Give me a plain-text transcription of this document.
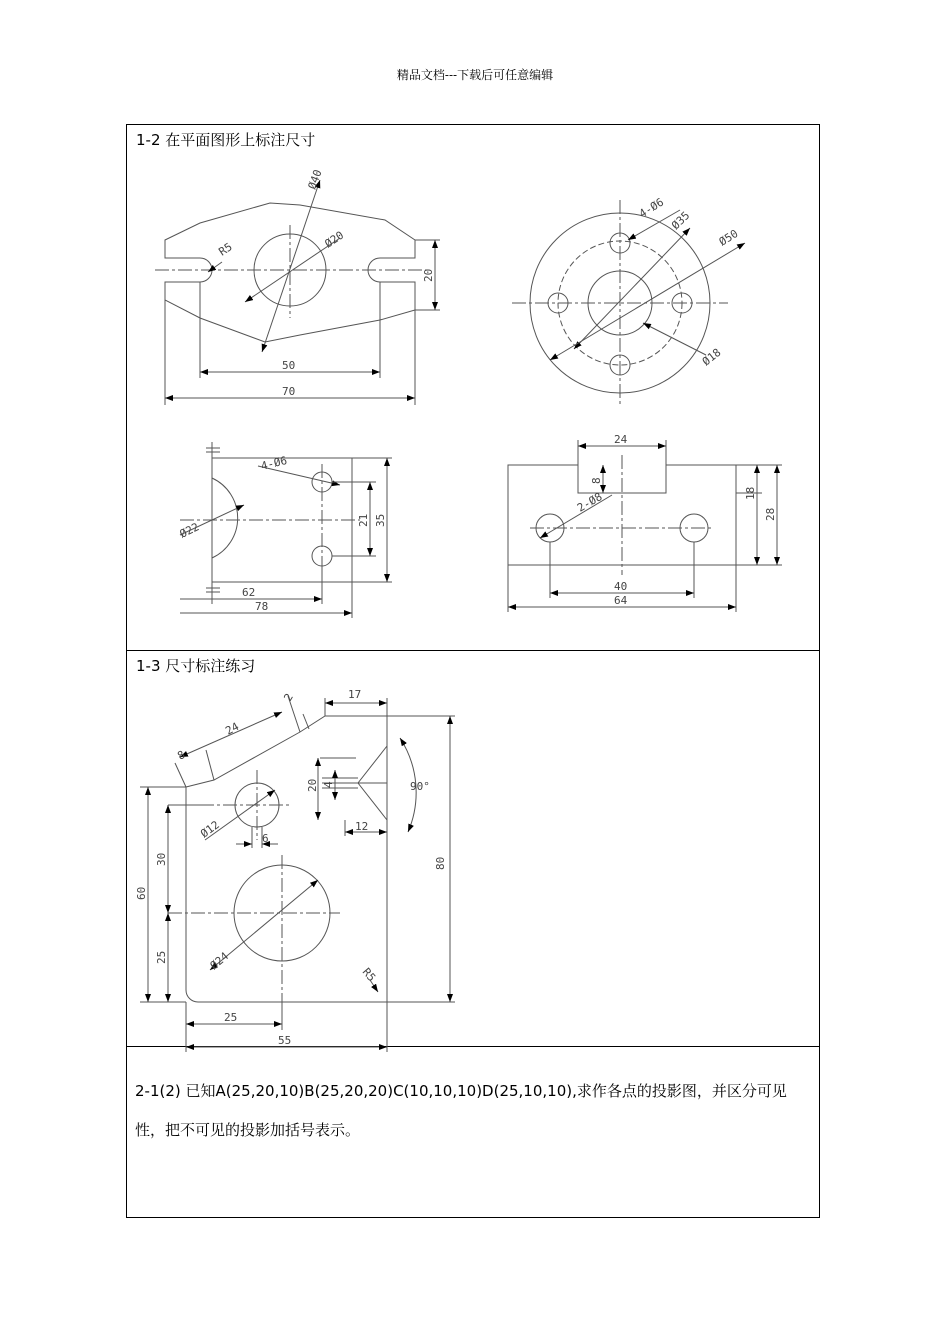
精品文档---下载后可任意编辑
1-2 在平面图形上标注尺寸
1-3 尺寸标注练习
2-1(2) 已知A(25,20,10)B(25,20,20)C(10,10,10)D(25,10,10),求作各点的投影图，并区分可见性，把不可见的投影加括号表示。
Ø40
Ø20
R5
20
50
70
4-Ø6
Ø35
Ø50
Ø18
4-Ø6
Ø22	21 35
62
78
24
8
2-Ø8	18
28
40
64
17
2
24
8
20 4	90°
12
80
Ø12	6
30
60
Ø24
25
R5
25
55
